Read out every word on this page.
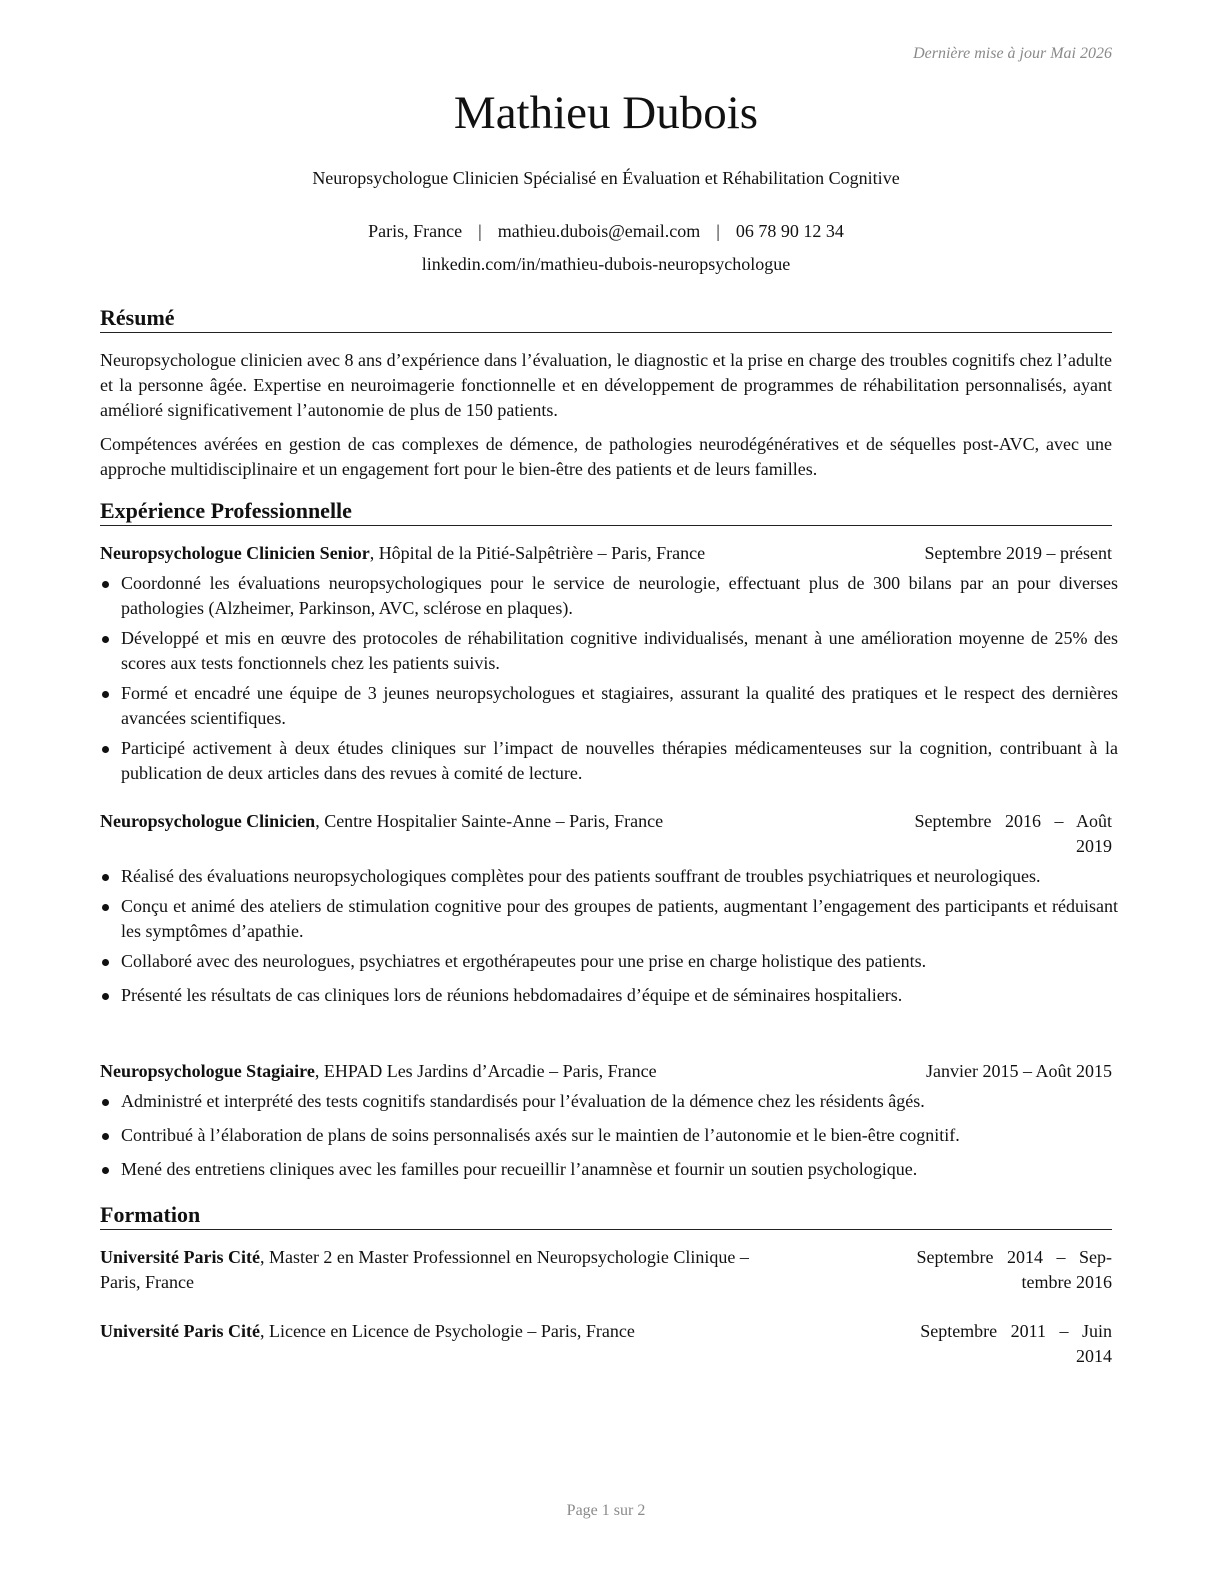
Dernière mise à jour Mai 2026
Mathieu Dubois
Neuropsychologue Clinicien Spécialisé en Évaluation et Réhabilitation Cognitive
Paris, France | mathieu.dubois@email.com | 06 78 90 12 34
linkedin.com/in/mathieu-dubois-neuropsychologue
Résumé
Neuropsychologue clinicien avec 8 ans d’expérience dans l’évaluation, le diagnostic et la prise en charge des troubles cognitifs chez l’adulte et la personne âgée. Expertise en neuroimagerie fonctionnelle et en développement de programmes de réhabilitation personnalisés, ayant amélioré significativement l’autonomie de plus de 150 patients.
Compétences avérées en gestion de cas complexes de démence, de pathologies neurodégénératives et de séquelles post-AVC, avec une approche multidisciplinaire et un engagement fort pour le bien-être des patients et de leurs familles.
Expérience Professionnelle
Neuropsychologue Clinicien Senior, Hôpital de la Pitié-Salpêtrière – Paris, France	Septembre 2019 – présent
Coordonné les évaluations neuropsychologiques pour le service de neurologie, effectuant plus de 300 bilans par an pour diverses pathologies (Alzheimer, Parkinson, AVC, sclérose en plaques).
Développé et mis en œuvre des protocoles de réhabilitation cognitive individualisés, menant à une amélioration moyenne de 25% des scores aux tests fonctionnels chez les patients suivis.
Formé et encadré une équipe de 3 jeunes neuropsychologues et stagiaires, assurant la qualité des pratiques et le respect des dernières avancées scientifiques.
Participé activement à deux études cliniques sur l’impact de nouvelles thérapies médicamenteuses sur la cognition, contribuant à la publication de deux articles dans des revues à comité de lecture.
Neuropsychologue Clinicien, Centre Hospitalier Sainte-Anne – Paris, France	Septembre   2016   –   Août
2019
Réalisé des évaluations neuropsychologiques complètes pour des patients souffrant de troubles psychiatriques et neurologiques.
Conçu et animé des ateliers de stimulation cognitive pour des groupes de patients, augmentant l’engagement des participants et réduisant les symptômes d’apathie.
Collaboré avec des neurologues, psychiatres et ergothérapeutes pour une prise en charge holistique des patients.
Présenté les résultats de cas cliniques lors de réunions hebdomadaires d’équipe et de séminaires hospitaliers.
Neuropsychologue Stagiaire, EHPAD Les Jardins d’Arcadie – Paris, France	Janvier 2015 – Août 2015
Administré et interprété des tests cognitifs standardisés pour l’évaluation de la démence chez les résidents âgés.
Contribué à l’élaboration de plans de soins personnalisés axés sur le maintien de l’autonomie et le bien-être cognitif.
Mené des entretiens cliniques avec les familles pour recueillir l’anamnèse et fournir un soutien psychologique.
Formation
Université Paris Cité, Master 2 en Master Professionnel en Neuropsychologie Clinique –
Paris, France
Septembre   2014   –   Sep-
tembre 2016
Université Paris Cité, Licence en Licence de Psychologie – Paris, France	Septembre   2011   –   Juin
2014
Page 1 sur 2
